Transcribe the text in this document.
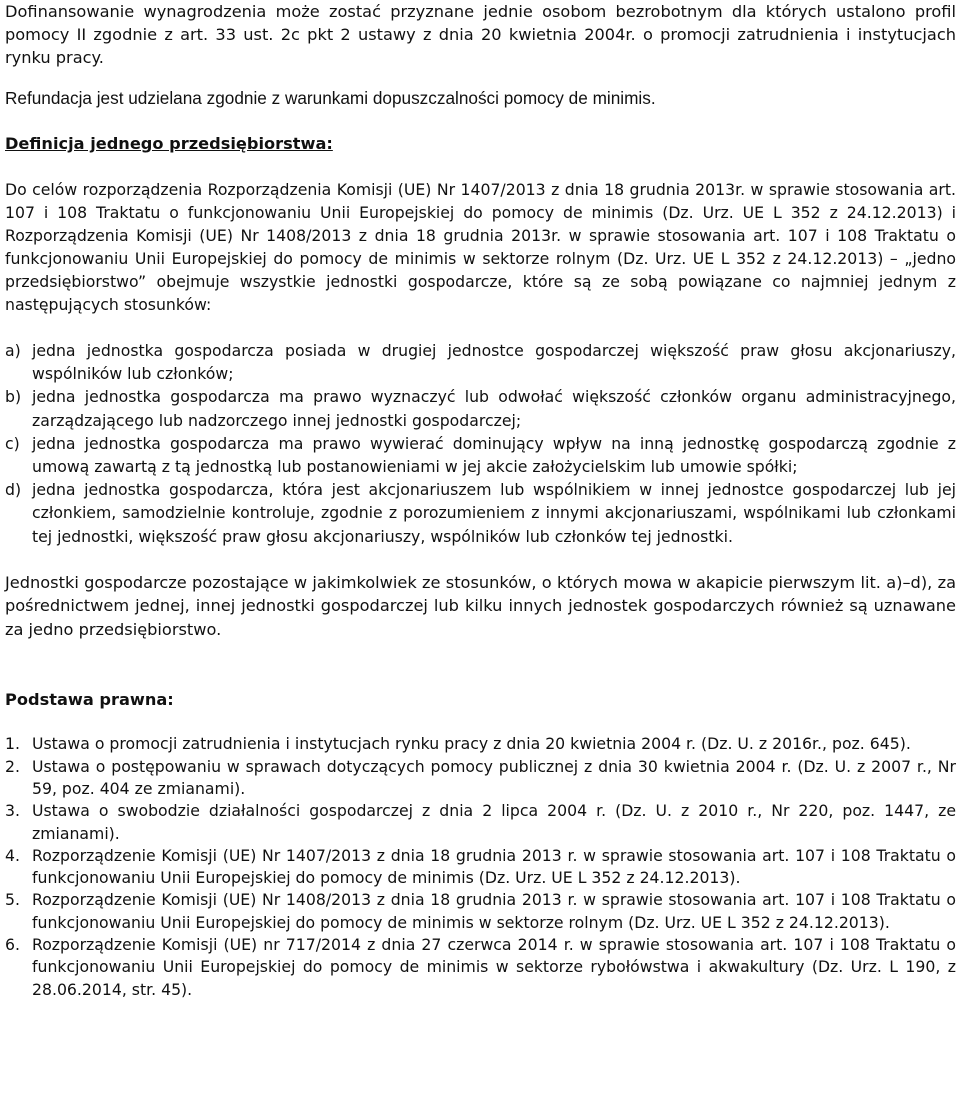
Dofinansowanie wynagrodzenia może zostać przyznane jednie osobom bezrobotnym dla których ustalono profil pomocy II zgodnie z art. 33 ust. 2c pkt 2 ustawy z dnia 20 kwietnia 2004r. o promocji zatrudnienia i instytucjach rynku pracy.

Refundacja jest udzielana zgodnie z warunkami dopuszczalności pomocy de minimis.

Definicja jednego przedsiębiorstwa:

Do celów rozporządzenia Rozporządzenia Komisji (UE) Nr 1407/2013 z dnia 18 grudnia 2013r. w sprawie stosowania art. 107 i 108 Traktatu o funkcjonowaniu Unii Europejskiej do pomocy de minimis (Dz. Urz. UE L 352 z 24.12.2013) i Rozporządzenia Komisji (UE) Nr 1408/2013 z dnia 18 grudnia 2013r. w sprawie stosowania art. 107 i 108 Traktatu o funkcjonowaniu Unii Europejskiej do pomocy de minimis w sektorze rolnym (Dz. Urz. UE L 352 z 24.12.2013) – „jedno przedsiębiorstwo” obejmuje wszystkie jednostki gospodarcze, które są ze sobą powiązane co najmniej jednym z następujących stosunków:

a) jedna jednostka gospodarcza posiada w drugiej jednostce gospodarczej większość praw głosu akcjonariuszy, wspólników lub członków;
b) jedna jednostka gospodarcza ma prawo wyznaczyć lub odwołać większość członków organu administracyjnego, zarządzającego lub nadzorczego innej jednostki gospodarczej;
c) jedna jednostka gospodarcza ma prawo wywierać dominujący wpływ na inną jednostkę gospodarczą zgodnie z umową zawartą z tą jednostką lub postanowieniami w jej akcie założycielskim lub umowie spółki;
d) jedna jednostka gospodarcza, która jest akcjonariuszem lub wspólnikiem w innej jednostce gospodarczej lub jej członkiem, samodzielnie kontroluje, zgodnie z porozumieniem z innymi akcjonariuszami, wspólnikami lub członkami tej jednostki, większość praw głosu akcjonariuszy, wspólników lub członków tej jednostki.

Jednostki gospodarcze pozostające w jakimkolwiek ze stosunków, o których mowa w akapicie pierwszym lit. a)–d), za pośrednictwem jednej, innej jednostki gospodarczej lub kilku innych jednostek gospodarczych również są uznawane za jedno przedsiębiorstwo.

Podstawa prawna:

1. Ustawa o promocji zatrudnienia i instytucjach rynku pracy z dnia 20 kwietnia 2004 r. (Dz. U. z 2016r., poz. 645).
2. Ustawa o postępowaniu w sprawach dotyczących pomocy publicznej z dnia 30 kwietnia 2004 r. (Dz. U. z 2007 r., Nr 59, poz. 404 ze zmianami).
3. Ustawa o swobodzie działalności gospodarczej z dnia 2 lipca 2004 r. (Dz. U. z 2010 r., Nr 220, poz. 1447, ze zmianami).
4. Rozporządzenie Komisji (UE) Nr 1407/2013 z dnia 18 grudnia 2013 r. w sprawie stosowania art. 107 i 108 Traktatu o funkcjonowaniu Unii Europejskiej do pomocy de minimis (Dz. Urz. UE L 352 z 24.12.2013).
5. Rozporządzenie Komisji (UE) Nr 1408/2013 z dnia 18 grudnia 2013 r. w sprawie stosowania art. 107 i 108 Traktatu o funkcjonowaniu Unii Europejskiej do pomocy de minimis w sektorze rolnym (Dz. Urz. UE L 352 z 24.12.2013).
6. Rozporządzenie Komisji (UE) nr 717/2014 z dnia 27 czerwca 2014 r. w sprawie stosowania art. 107 i 108 Traktatu o funkcjonowaniu Unii Europejskiej do pomocy de minimis w sektorze rybołówstwa i akwakultury (Dz. Urz. L 190, z 28.06.2014, str. 45).
